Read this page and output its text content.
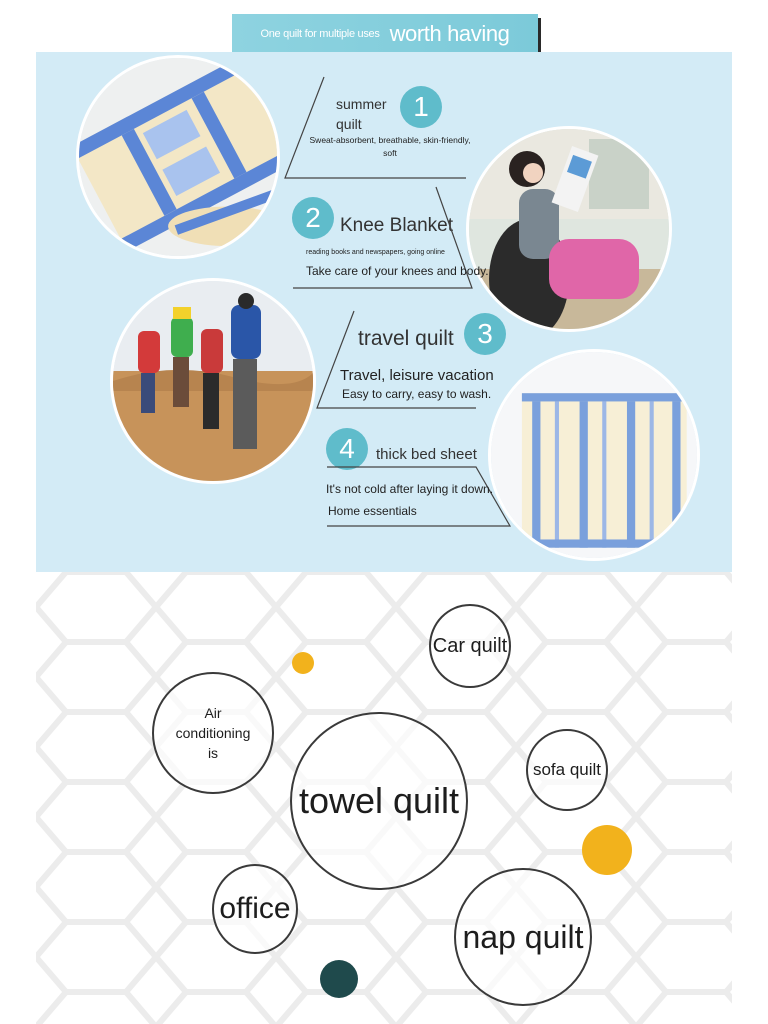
One quilt for multiple uses worth having
summer quilt
1
Sweat-absorbent, breathable, skin-friendly, soft
2	Knee Blanket
reading books and newspapers, going online
Take care of your knees and body.
travel quilt 3
Travel, leisure vacation
Easy to carry, easy to wash.
4	thick bed sheet
It's not cold after laying it down.
Home essentials
Car quilt
Air conditioning is
towel quilt
sofa quilt
office
nap quilt
